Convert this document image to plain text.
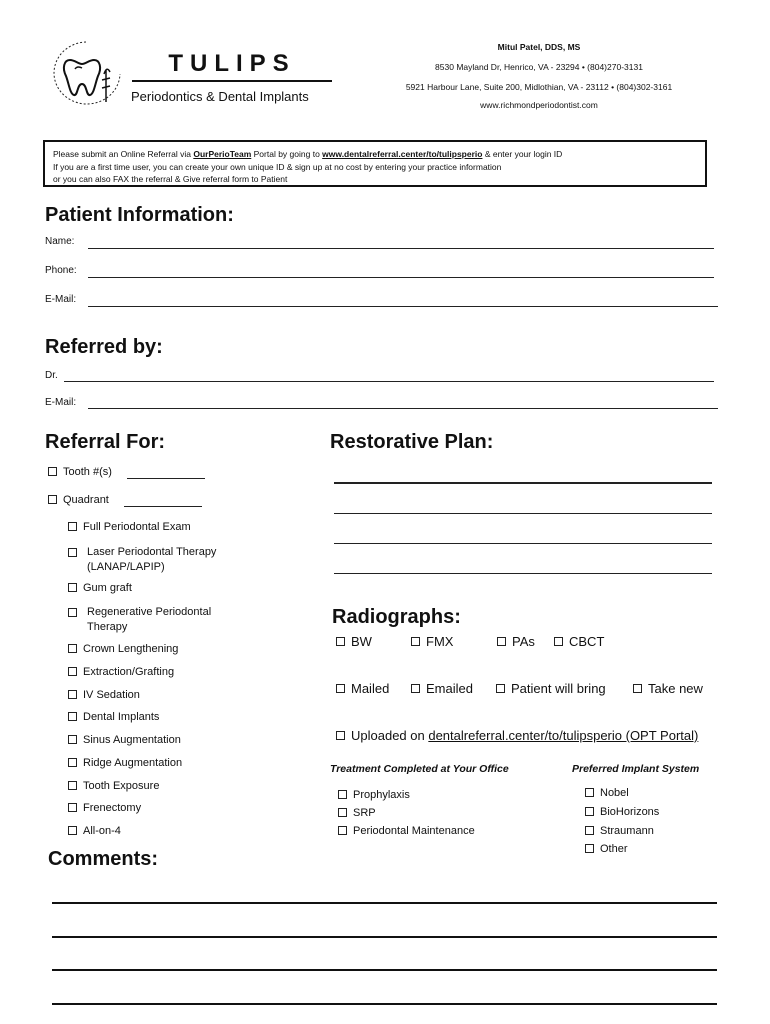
TULIPS
Periodontics & Dental Implants
Mitul Patel, DDS, MS
8530 Mayland Dr, Henrico, VA - 23294 • (804)270-3131
5921 Harbour Lane, Suite 200, Midlothian, VA - 23112 • (804)302-3161
www.richmondperiodontist.com
Please submit an Online Referral via OurPerioTeam Portal by going to www.dentalreferral.center/to/tulipsperio & enter your login ID
If you are a first time user, you can create your own unique ID & sign up at no cost by entering your practice information
or you can also FAX the referral & Give referral form to Patient
Patient Information:
Name:
Phone:
E-Mail:
Referred by:
Dr.
E-Mail:
Referral For:
Tooth #(s)
Quadrant
Full Periodontal Exam
Laser Periodontal Therapy (LANAP/LAPIP)
Gum graft
Regenerative Periodontal Therapy
Crown Lengthening
Extraction/Grafting
IV Sedation
Dental Implants
Sinus Augmentation
Ridge Augmentation
Tooth Exposure
Frenectomy
All-on-4
Restorative Plan:
Radiographs:
BW	FMX	PAs	CBCT
Mailed	Emailed	Patient will bring	Take new
Uploaded on dentalreferral.center/to/tulipsperio (OPT Portal)
Treatment Completed at Your Office
Prophylaxis
SRP
Periodontal Maintenance
Preferred Implant System
Nobel
BioHorizons
Straumann
Other
Comments:
